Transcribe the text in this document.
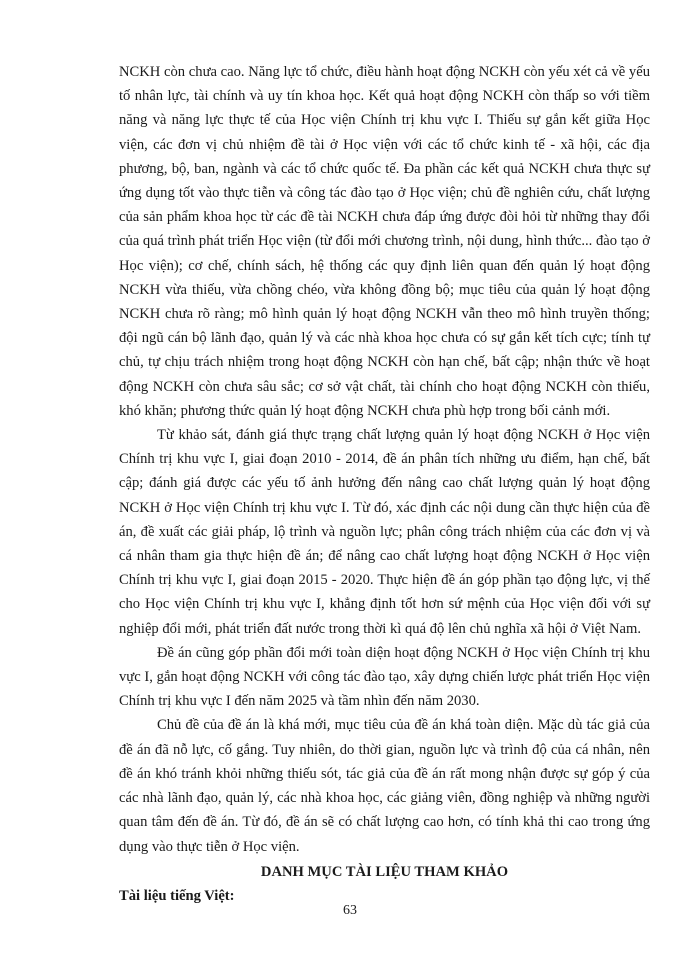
NCKH còn chưa cao. Năng lực tổ chức, điều hành hoạt động NCKH còn yếu xét cả về yếu tố nhân lực, tài chính và uy tín khoa học. Kết quả hoạt động NCKH còn thấp so với tiềm năng và năng lực thực tế của Học viện Chính trị khu vực I. Thiếu sự gắn kết giữa Học viện, các đơn vị chủ nhiệm đề tài ở Học viện với các tổ chức kinh tế - xã hội, các địa phương, bộ, ban, ngành và các tổ chức quốc tế. Đa phần các kết quả NCKH chưa thực sự ứng dụng tốt vào thực tiễn và công tác đào tạo ở Học viện; chủ đề nghiên cứu, chất lượng của sản phẩm khoa học từ các đề tài NCKH chưa đáp ứng được đòi hỏi từ những thay đổi của quá trình phát triển Học viện (từ đổi mới chương trình, nội dung, hình thức... đào tạo ở Học viện); cơ chế, chính sách, hệ thống các quy định liên quan đến quản lý hoạt động NCKH vừa thiếu, vừa chồng chéo, vừa không đồng bộ; mục tiêu của quản lý hoạt động NCKH chưa rõ ràng; mô hình quản lý hoạt động NCKH vẫn theo mô hình truyền thống; đội ngũ cán bộ lãnh đạo, quản lý và các nhà khoa học chưa có sự gắn kết tích cực; tính tự chủ, tự chịu trách nhiệm trong hoạt động NCKH còn hạn chế, bất cập; nhận thức về hoạt động NCKH còn chưa sâu sắc; cơ sở vật chất, tài chính cho hoạt động NCKH còn thiếu, khó khăn; phương thức quản lý hoạt động NCKH chưa phù hợp trong bối cảnh mới.

Từ khảo sát, đánh giá thực trạng chất lượng quản lý hoạt động NCKH ở Học viện Chính trị khu vực I, giai đoạn 2010 - 2014, đề án phân tích những ưu điểm, hạn chế, bất cập; đánh giá được các yếu tố ảnh hưởng đến nâng cao chất lượng quản lý hoạt động NCKH ở Học viện Chính trị khu vực I. Từ đó, xác định các nội dung cần thực hiện của đề án, đề xuất các giải pháp, lộ trình và nguồn lực; phân công trách nhiệm của các đơn vị và cá nhân tham gia thực hiện đề án; để nâng cao chất lượng hoạt động NCKH ở Học viện Chính trị khu vực I, giai đoạn 2015 - 2020. Thực hiện đề án góp phần tạo động lực, vị thế cho Học viện Chính trị khu vực I, khẳng định tốt hơn sứ mệnh của Học viện đối với sự nghiệp đổi mới, phát triển đất nước trong thời kì quá độ lên chủ nghĩa xã hội ở Việt Nam.

Đề án cũng góp phần đổi mới toàn diện hoạt động NCKH ở Học viện Chính trị khu vực I, gắn hoạt động NCKH với công tác đào tạo, xây dựng chiến lược phát triển Học viện Chính trị khu vực I đến năm 2025 và tầm nhìn đến năm 2030.

Chủ đề của đề án là khá mới, mục tiêu của đề án khá toàn diện. Mặc dù tác giả của đề án đã nỗ lực, cố gắng. Tuy nhiên, do thời gian, nguồn lực và trình độ của cá nhân, nên đề án khó tránh khỏi những thiếu sót, tác giả của đề án rất mong nhận được sự góp ý của các nhà lãnh đạo, quản lý, các nhà khoa học, các giảng viên, đồng nghiệp và những người quan tâm đến đề án. Từ đó, đề án sẽ có chất lượng cao hơn, có tính khả thi cao trong ứng dụng vào thực tiễn ở Học viện.

DANH MỤC TÀI LIỆU THAM KHẢO
Tài liệu tiếng Việt:
63
